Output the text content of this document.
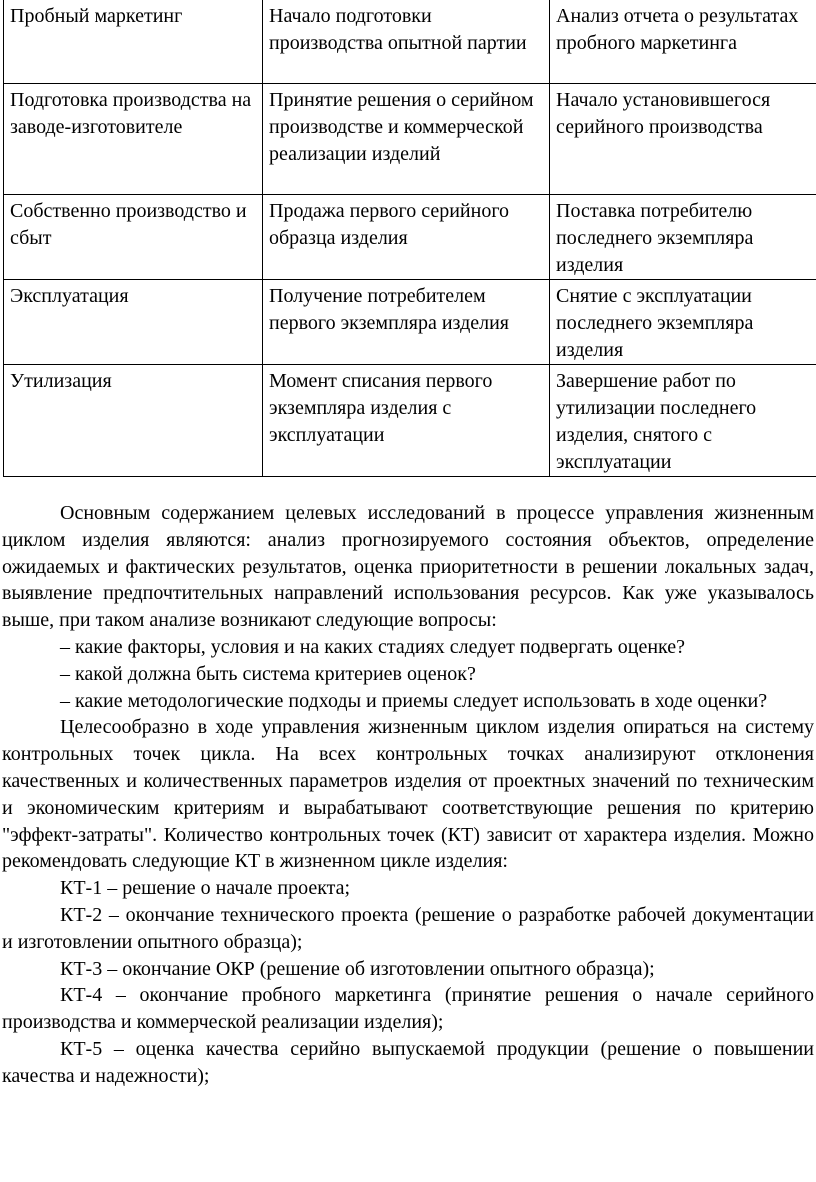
Пробный маркетинг	Начало подготовки производства опытной партии	Анализ отчета о результатах пробного маркетинга
Подготовка производства на заводе-изготовителе	Принятие решения о серийном производстве и коммерческой реализации изделий	Начало установившегося серийного производства
Собственно производство и сбыт	Продажа первого серийного образца изделия	Поставка потребителю последнего экземпляра изделия
Эксплуатация	Получение потребителем первого экземпляра изделия	Снятие с эксплуатации последнего экземпляра изделия
Утилизация	Момент списания первого экземпляра изделия с эксплуатации	Завершение работ по утилизации последнего изделия, снятого с эксплуатации

Основным содержанием целевых исследований в процессе управления жизненным циклом изделия являются: анализ прогнозируемого состояния объектов, определение ожидаемых и фактических результатов, оценка приоритетности в решении локальных задач, выявление предпочтительных направлений использования ресурсов. Как уже указывалось выше, при таком анализе возникают следующие вопросы:

– какие факторы, условия и на каких стадиях следует подвергать оценке?

– какой должна быть система критериев оценок?

– какие методологические подходы и приемы следует использовать в ходе оценки?

Целесообразно в ходе управления жизненным циклом изделия опираться на систему контрольных точек цикла. На всех контрольных точках анализируют отклонения качественных и количественных параметров изделия от проектных значений по техническим и экономическим критериям и вырабатывают соответствующие решения по критерию "эффект-затраты". Количество контрольных точек (КТ) зависит от характера изделия. Можно рекомендовать следующие КТ в жизненном цикле изделия:

КТ-1 – решение о начале проекта;

КТ-2 – окончание технического проекта (решение о разработке рабочей документации и изготовлении опытного образца);

КТ-3 – окончание ОКР (решение об изготовлении опытного образца);

КТ-4 – окончание пробного маркетинга (принятие решения о начале серийного производства и коммерческой реализации изделия);

КТ-5 – оценка качества серийно выпускаемой продукции (решение о повышении качества и надежности);
